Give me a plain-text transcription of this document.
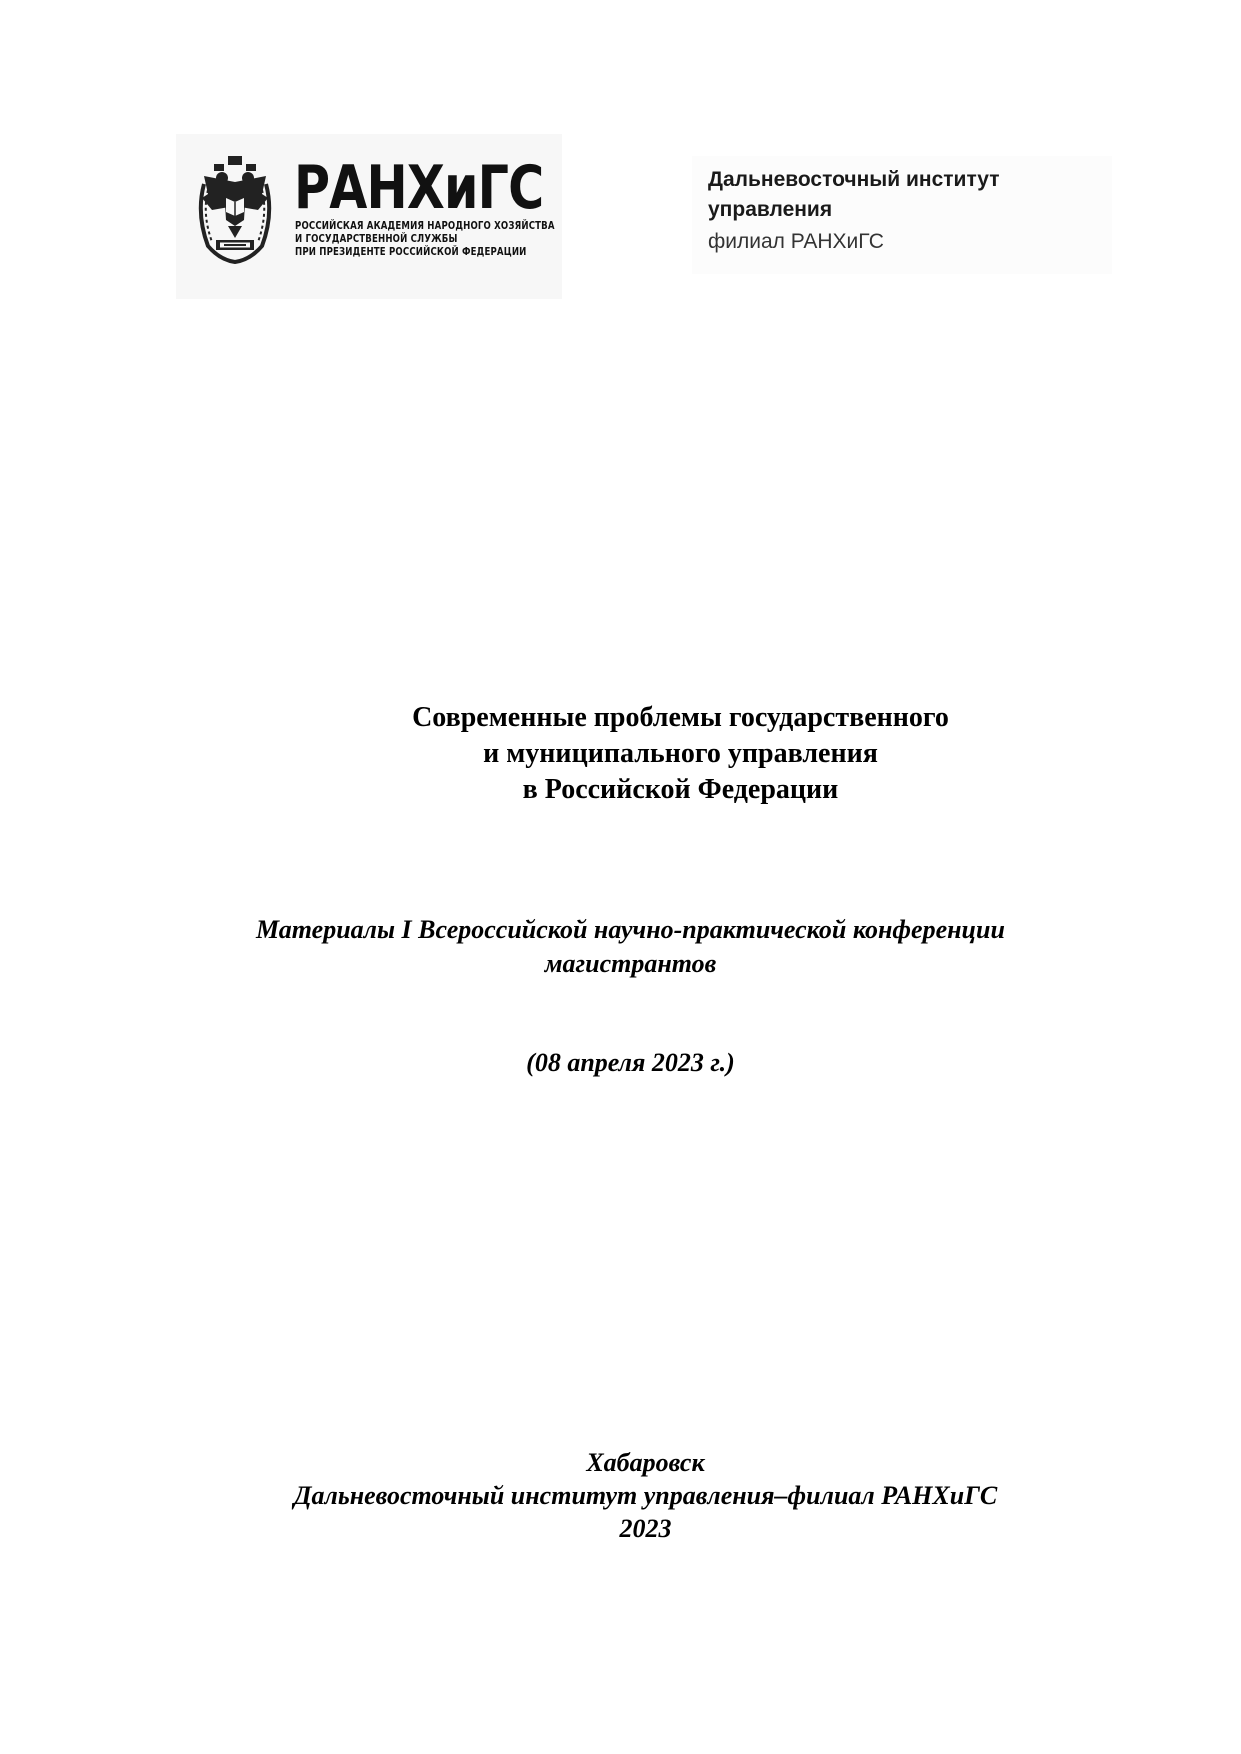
РАНХиГС
РОССИЙСКАЯ АКАДЕМИЯ НАРОДНОГО ХОЗЯЙСТВА
И ГОСУДАРСТВЕННОЙ СЛУЖБЫ
ПРИ ПРЕЗИДЕНТЕ РОССИЙСКОЙ ФЕДЕРАЦИИ
Дальневосточный институт
управления
филиал РАНХиГС
Современные проблемы государственного
и муниципального управления
в Российской Федерации
Материалы I Всероссийской научно-практической конференции
магистрантов
(08 апреля 2023 г.)
Хабаровск
Дальневосточный институт управления–филиал РАНХиГС
2023
